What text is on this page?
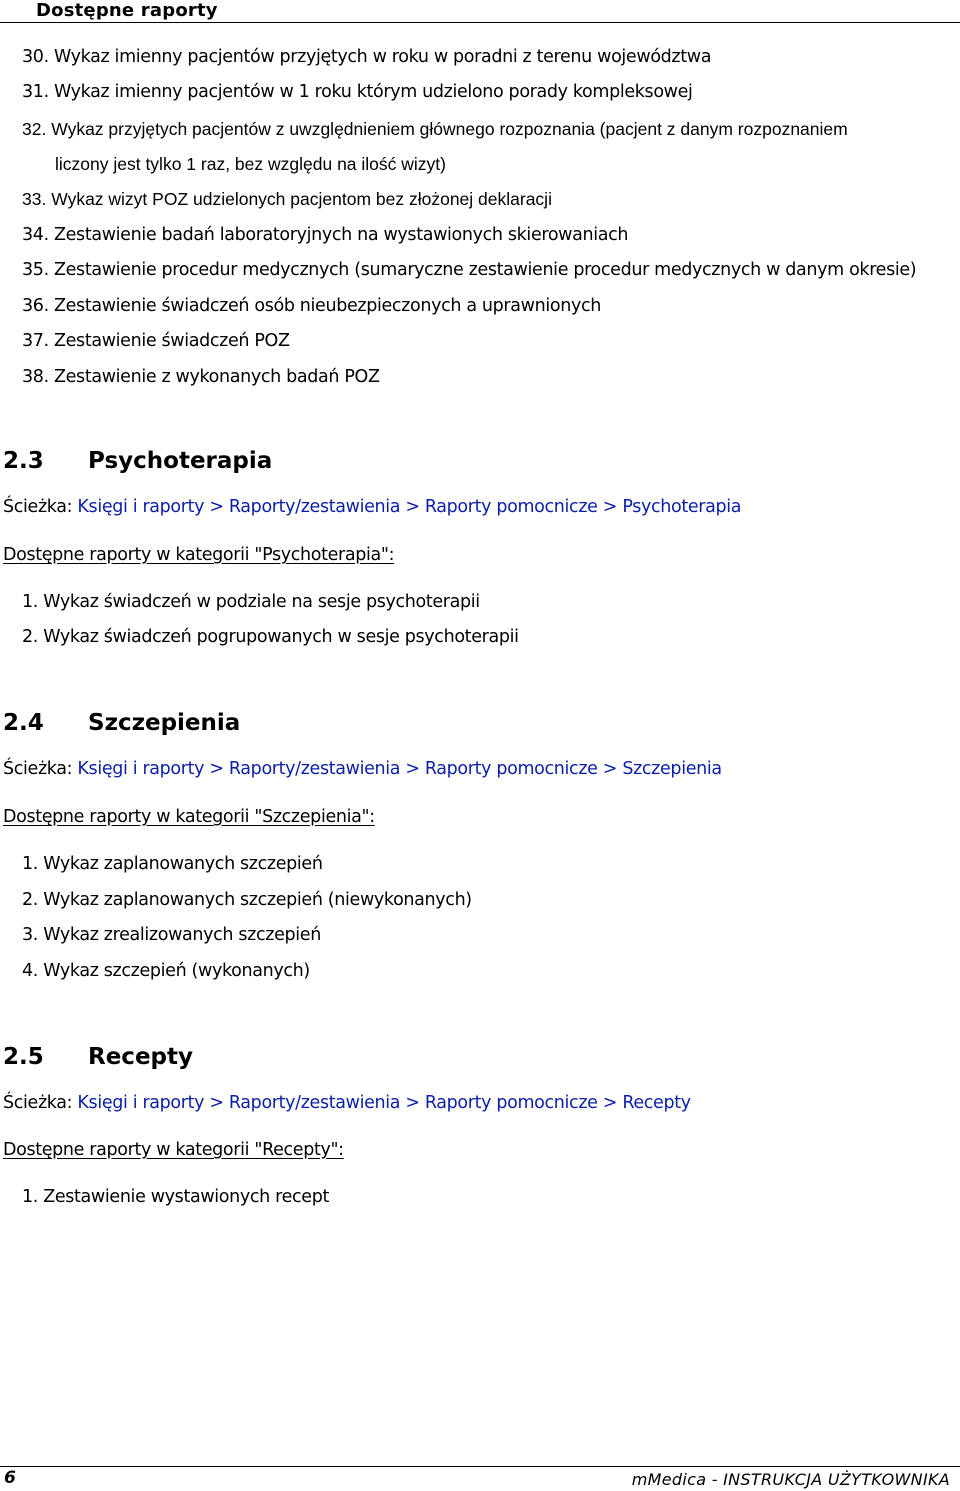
Dostępne raporty
30. Wykaz imienny pacjentów przyjętych w roku w poradni z terenu województwa
31. Wykaz imienny pacjentów w 1 roku którym udzielono porady kompleksowej
32. Wykaz przyjętych pacjentów z uwzględnieniem głównego rozpoznania (pacjent z danym rozpoznaniem
liczony jest tylko 1 raz, bez względu na ilość wizyt)
33. Wykaz wizyt POZ udzielonych pacjentom bez złożonej deklaracji
34. Zestawienie badań laboratoryjnych na wystawionych skierowaniach
35. Zestawienie procedur medycznych (sumaryczne zestawienie procedur medycznych w danym okresie)
36. Zestawienie świadczeń osób nieubezpieczonych a uprawnionych
37. Zestawienie świadczeń POZ
38. Zestawienie z wykonanych badań POZ
2.3 Psychoterapia
Ścieżka: Księgi i raporty > Raporty/zestawienia > Raporty pomocnicze > Psychoterapia
Dostępne raporty w kategorii "Psychoterapia":
1. Wykaz świadczeń w podziale na sesje psychoterapii
2. Wykaz świadczeń pogrupowanych w sesje psychoterapii
2.4 Szczepienia
Ścieżka: Księgi i raporty > Raporty/zestawienia > Raporty pomocnicze > Szczepienia
Dostępne raporty w kategorii "Szczepienia":
1. Wykaz zaplanowanych szczepień
2. Wykaz zaplanowanych szczepień (niewykonanych)
3. Wykaz zrealizowanych szczepień
4. Wykaz szczepień (wykonanych)
2.5 Recepty
Ścieżka: Księgi i raporty > Raporty/zestawienia > Raporty pomocnicze > Recepty
Dostępne raporty w kategorii "Recepty":
1. Zestawienie wystawionych recept
6	mMedica - INSTRUKCJA UŻYTKOWNIKA
